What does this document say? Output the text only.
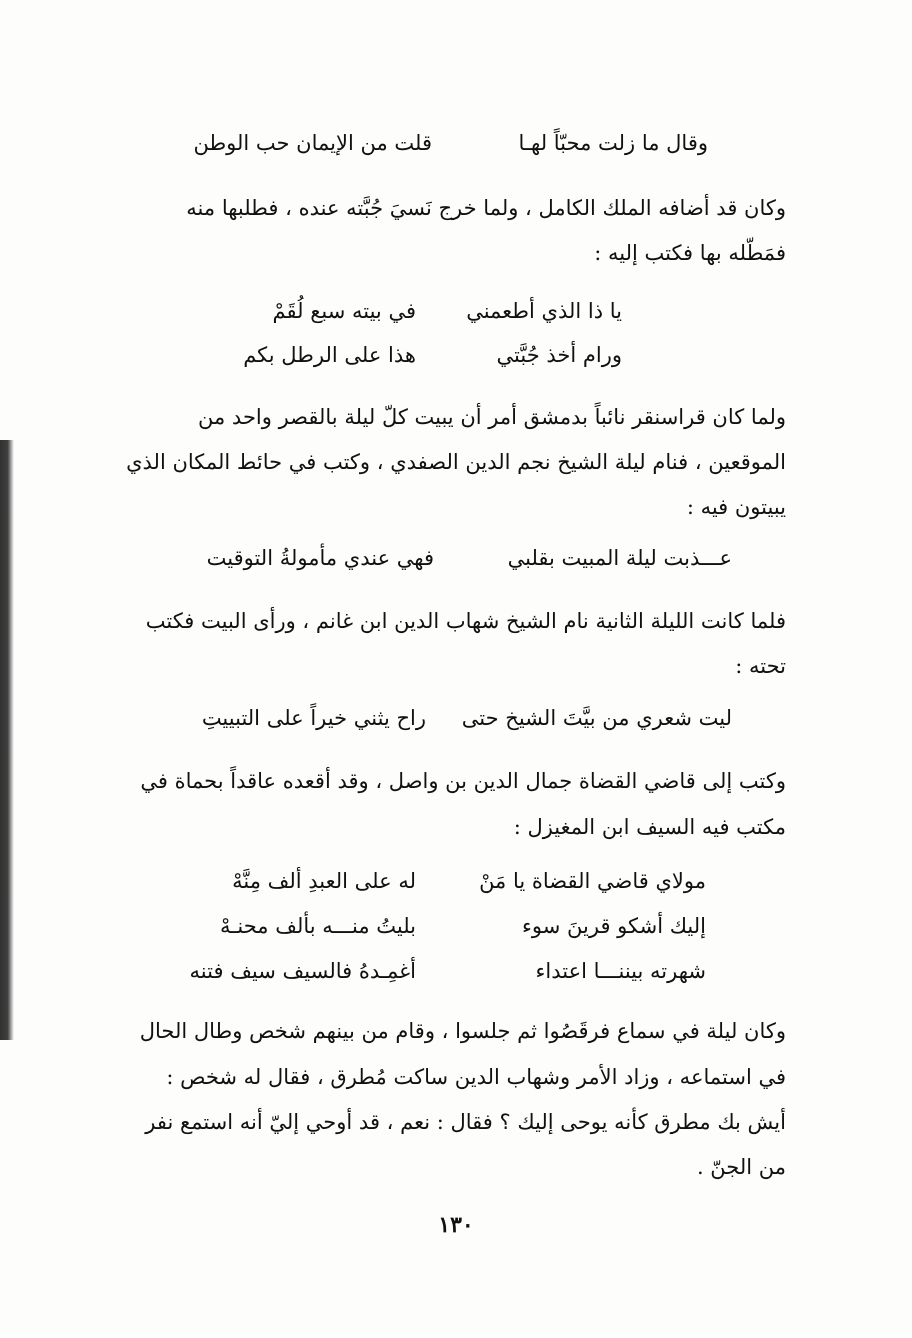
وقال ما زلت محبّاً لهـا
قلت من الإيمان حب الوطن
وكان قد أضافه الملك الكامل ، ولما خرج نَسيَ جُبَّته عنده ، فطلبها منه
فمَطّله بها فكتب إليه :
يا ذا الذي أطعمني
في بيته سبع لُقَمْ
ورام أخذ جُبَّتي
هذا على الرطل بكم
ولما كان قراسنقر نائباً بدمشق أمر أن يبيت كلّ ليلة بالقصر واحد من
الموقعين ، فنام ليلة الشيخ نجم الدين الصفدي ، وكتب في حائط المكان الذي
يبيتون فيه :
عـــذبت ليلة المبيت بقلبي
فهي عندي مأمولةُ التوقيت
فلما كانت الليلة الثانية نام الشيخ شهاب الدين ابن غانم ، ورأى البيت فكتب
تحته :
ليت شعري من بيَّتَ الشيخ حتى
راح يثني خيراً على التبييتِ
وكتب إلى قاضي القضاة جمال الدين بن واصل ، وقد أقعده عاقداً بحماة في
مكتب فيه السيف ابن المغيزل :
مولاي قاضي القضاة يا مَنْ
له على العبدِ ألف مِنَّهْ
إليك أشكو قرينَ سوء
بليتُ منـــه بألف محنـهْ
شهرته بيننـــا اعتداء
أغمِـدهُ فالسيف سيف فتنه
وكان ليلة في سماع فرقَصُوا ثم جلسوا ، وقام من بينهم شخص وطال الحال
في استماعه ، وزاد الأمر وشهاب الدين ساكت مُطرق ، فقال له شخص :
أيش بك مطرق كأنه يوحى إليك ؟ فقال : نعم ، قد أوحي إليّ أنه استمع نفر
من الجنّ .
١٣٠
